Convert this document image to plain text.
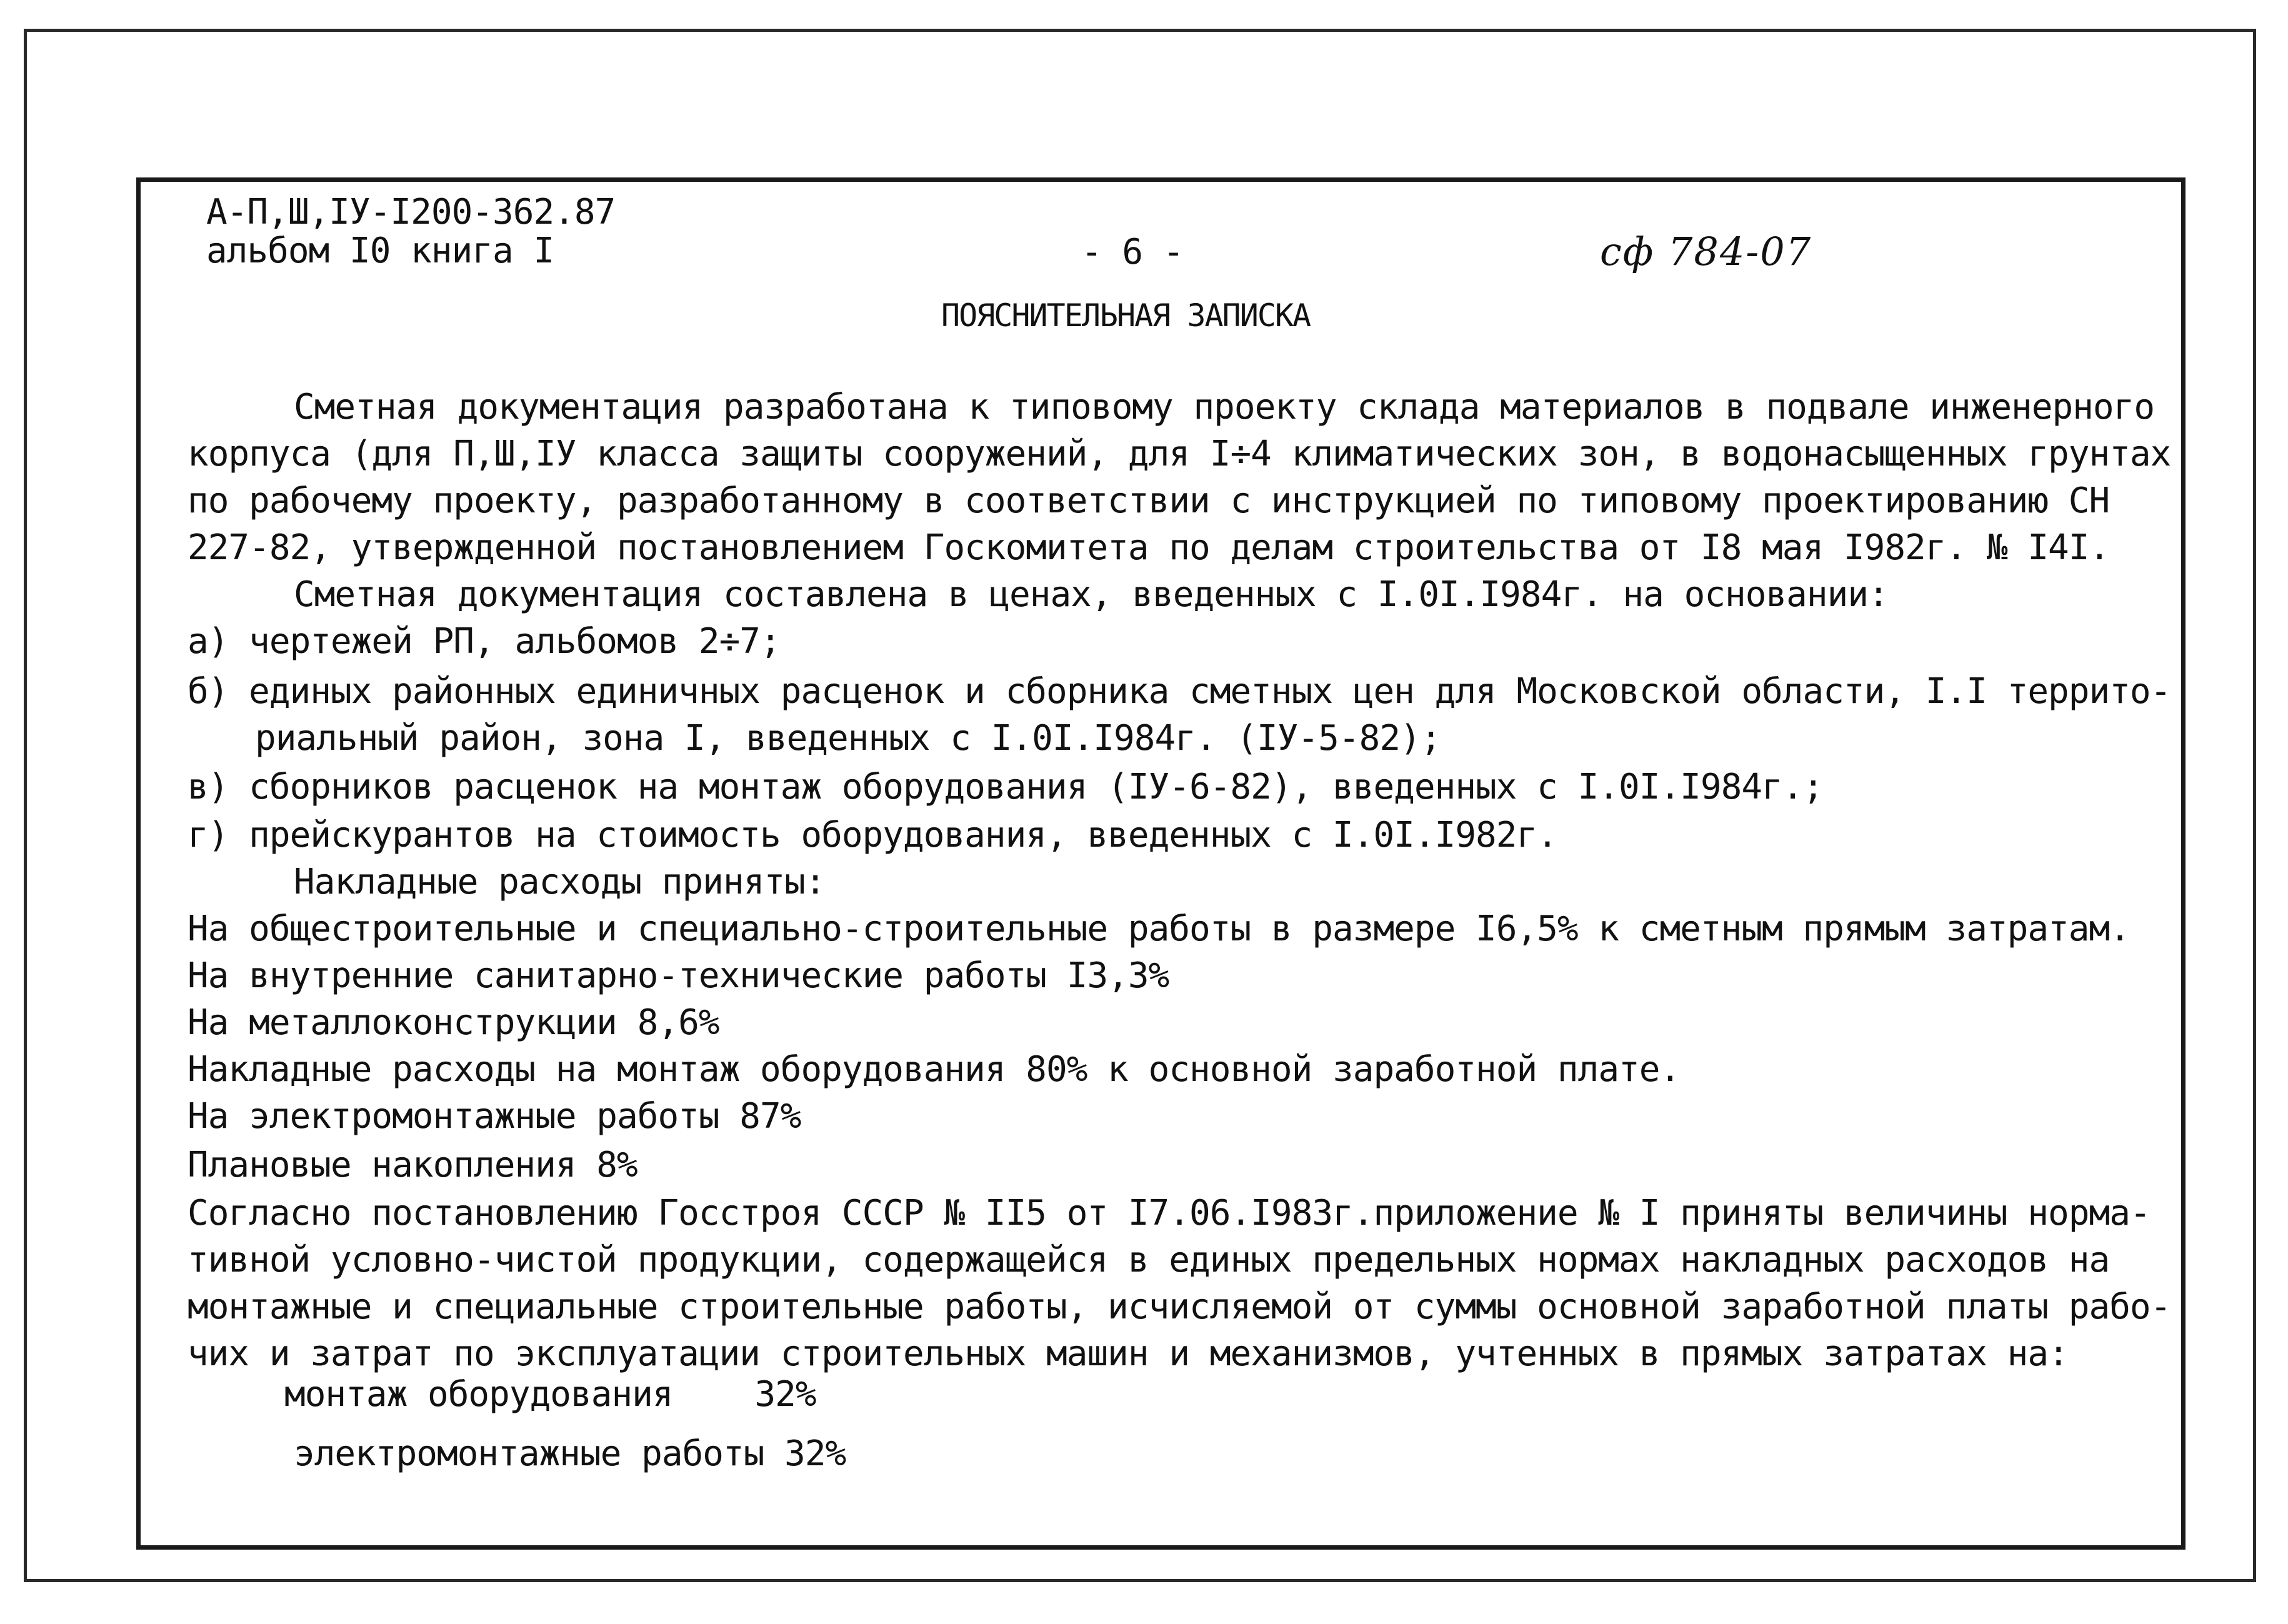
А-П,Ш,IУ-I200-362.87
альбом I0 книга I	- 6 -	сф 784-07
ПОЯСНИТЕЛЬНАЯ ЗАПИСКА
Сметная документация разработана к типовому проекту склада материалов в подвале инженерного
корпуса (для П,Ш,IУ класса защиты сооружений, для I÷4 климатических зон, в водонасыщенных грунтах
по рабочему проекту, разработанному в соответствии с инструкцией по типовому проектированию СН
227-82, утвержденной постановлением Госкомитета по делам строительства от I8 мая I982г. № I4I.
Сметная документация составлена в ценах, введенных с I.0I.I984г. на основании:
а) чертежей РП, альбомов 2÷7;
б) единых районных единичных расценок и сборника сметных цен для Московской области, I.I террито-
риальный район, зона I, введенных с I.0I.I984г. (IУ-5-82);
в) сборников расценок на монтаж оборудования (IУ-6-82), введенных с I.0I.I984г.;
г) прейскурантов на стоимость оборудования, введенных с I.0I.I982г.
Накладные расходы приняты:
На общестроительные и специально-строительные работы в размере I6,5% к сметным прямым затратам.
На внутренние санитарно-технические работы I3,3%
На металлоконструкции 8,6%
Накладные расходы на монтаж оборудования 80% к основной заработной плате.
На электромонтажные работы 87%
Плановые накопления 8%
Согласно постановлению Госстроя СССР № II5 от I7.06.I983г.приложение № I приняты величины норма-
тивной условно-чистой продукции, содержащейся в единых предельных нормах накладных расходов на
монтажные и специальные строительные работы, исчисляемой от суммы основной заработной платы рабо-
чих и затрат по эксплуатации строительных машин и механизмов, учтенных в прямых затратах на:
монтаж оборудования    32%
электромонтажные работы 32%
